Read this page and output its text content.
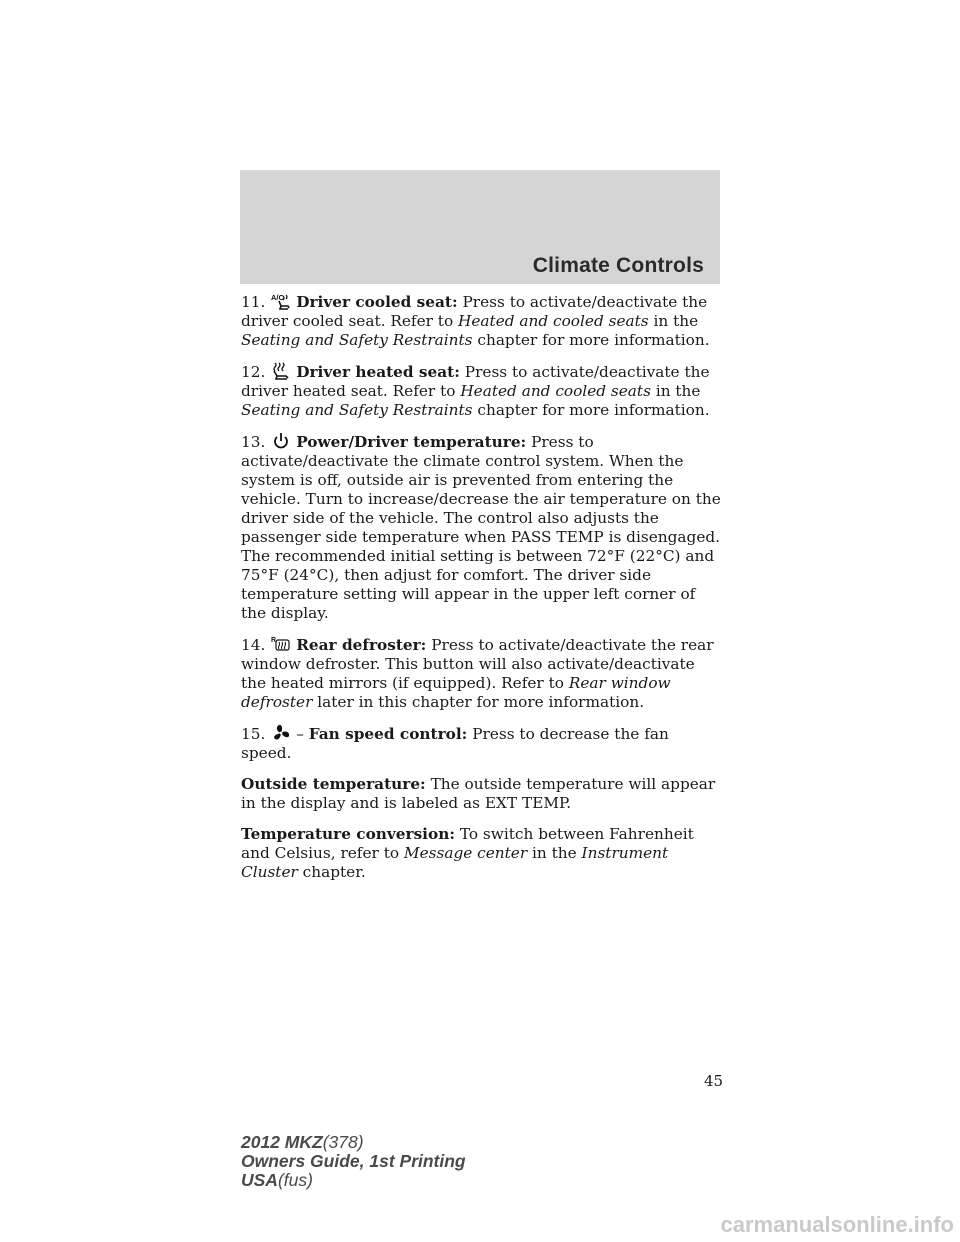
Climate Controls

11. A/C Driver cooled seat: Press to activate/deactivate the driver cooled seat. Refer to Heated and cooled seats in the Seating and Safety Restraints chapter for more information.

12. Driver heated seat: Press to activate/deactivate the driver heated seat. Refer to Heated and cooled seats in the Seating and Safety Restraints chapter for more information.

13. Power/Driver temperature: Press to activate/deactivate the climate control system. When the system is off, outside air is prevented from entering the vehicle. Turn to increase/decrease the air temperature on the driver side of the vehicle. The control also adjusts the passenger side temperature when PASS TEMP is disengaged. The recommended initial setting is between 72°F (22°C) and 75°F (24°C), then adjust for comfort. The driver side temperature setting will appear in the upper left corner of the display.

14. R Rear defroster: Press to activate/deactivate the rear window defroster. This button will also activate/deactivate the heated mirrors (if equipped). Refer to Rear window defroster later in this chapter for more information.

15. – Fan speed control: Press to decrease the fan speed.

Outside temperature: The outside temperature will appear in the display and is labeled as EXT TEMP.

Temperature conversion: To switch between Fahrenheit and Celsius, refer to Message center in the Instrument Cluster chapter.

45
2012 MKZ(378)
Owners Guide, 1st Printing
USA(fus)
carmanualsonline.info
